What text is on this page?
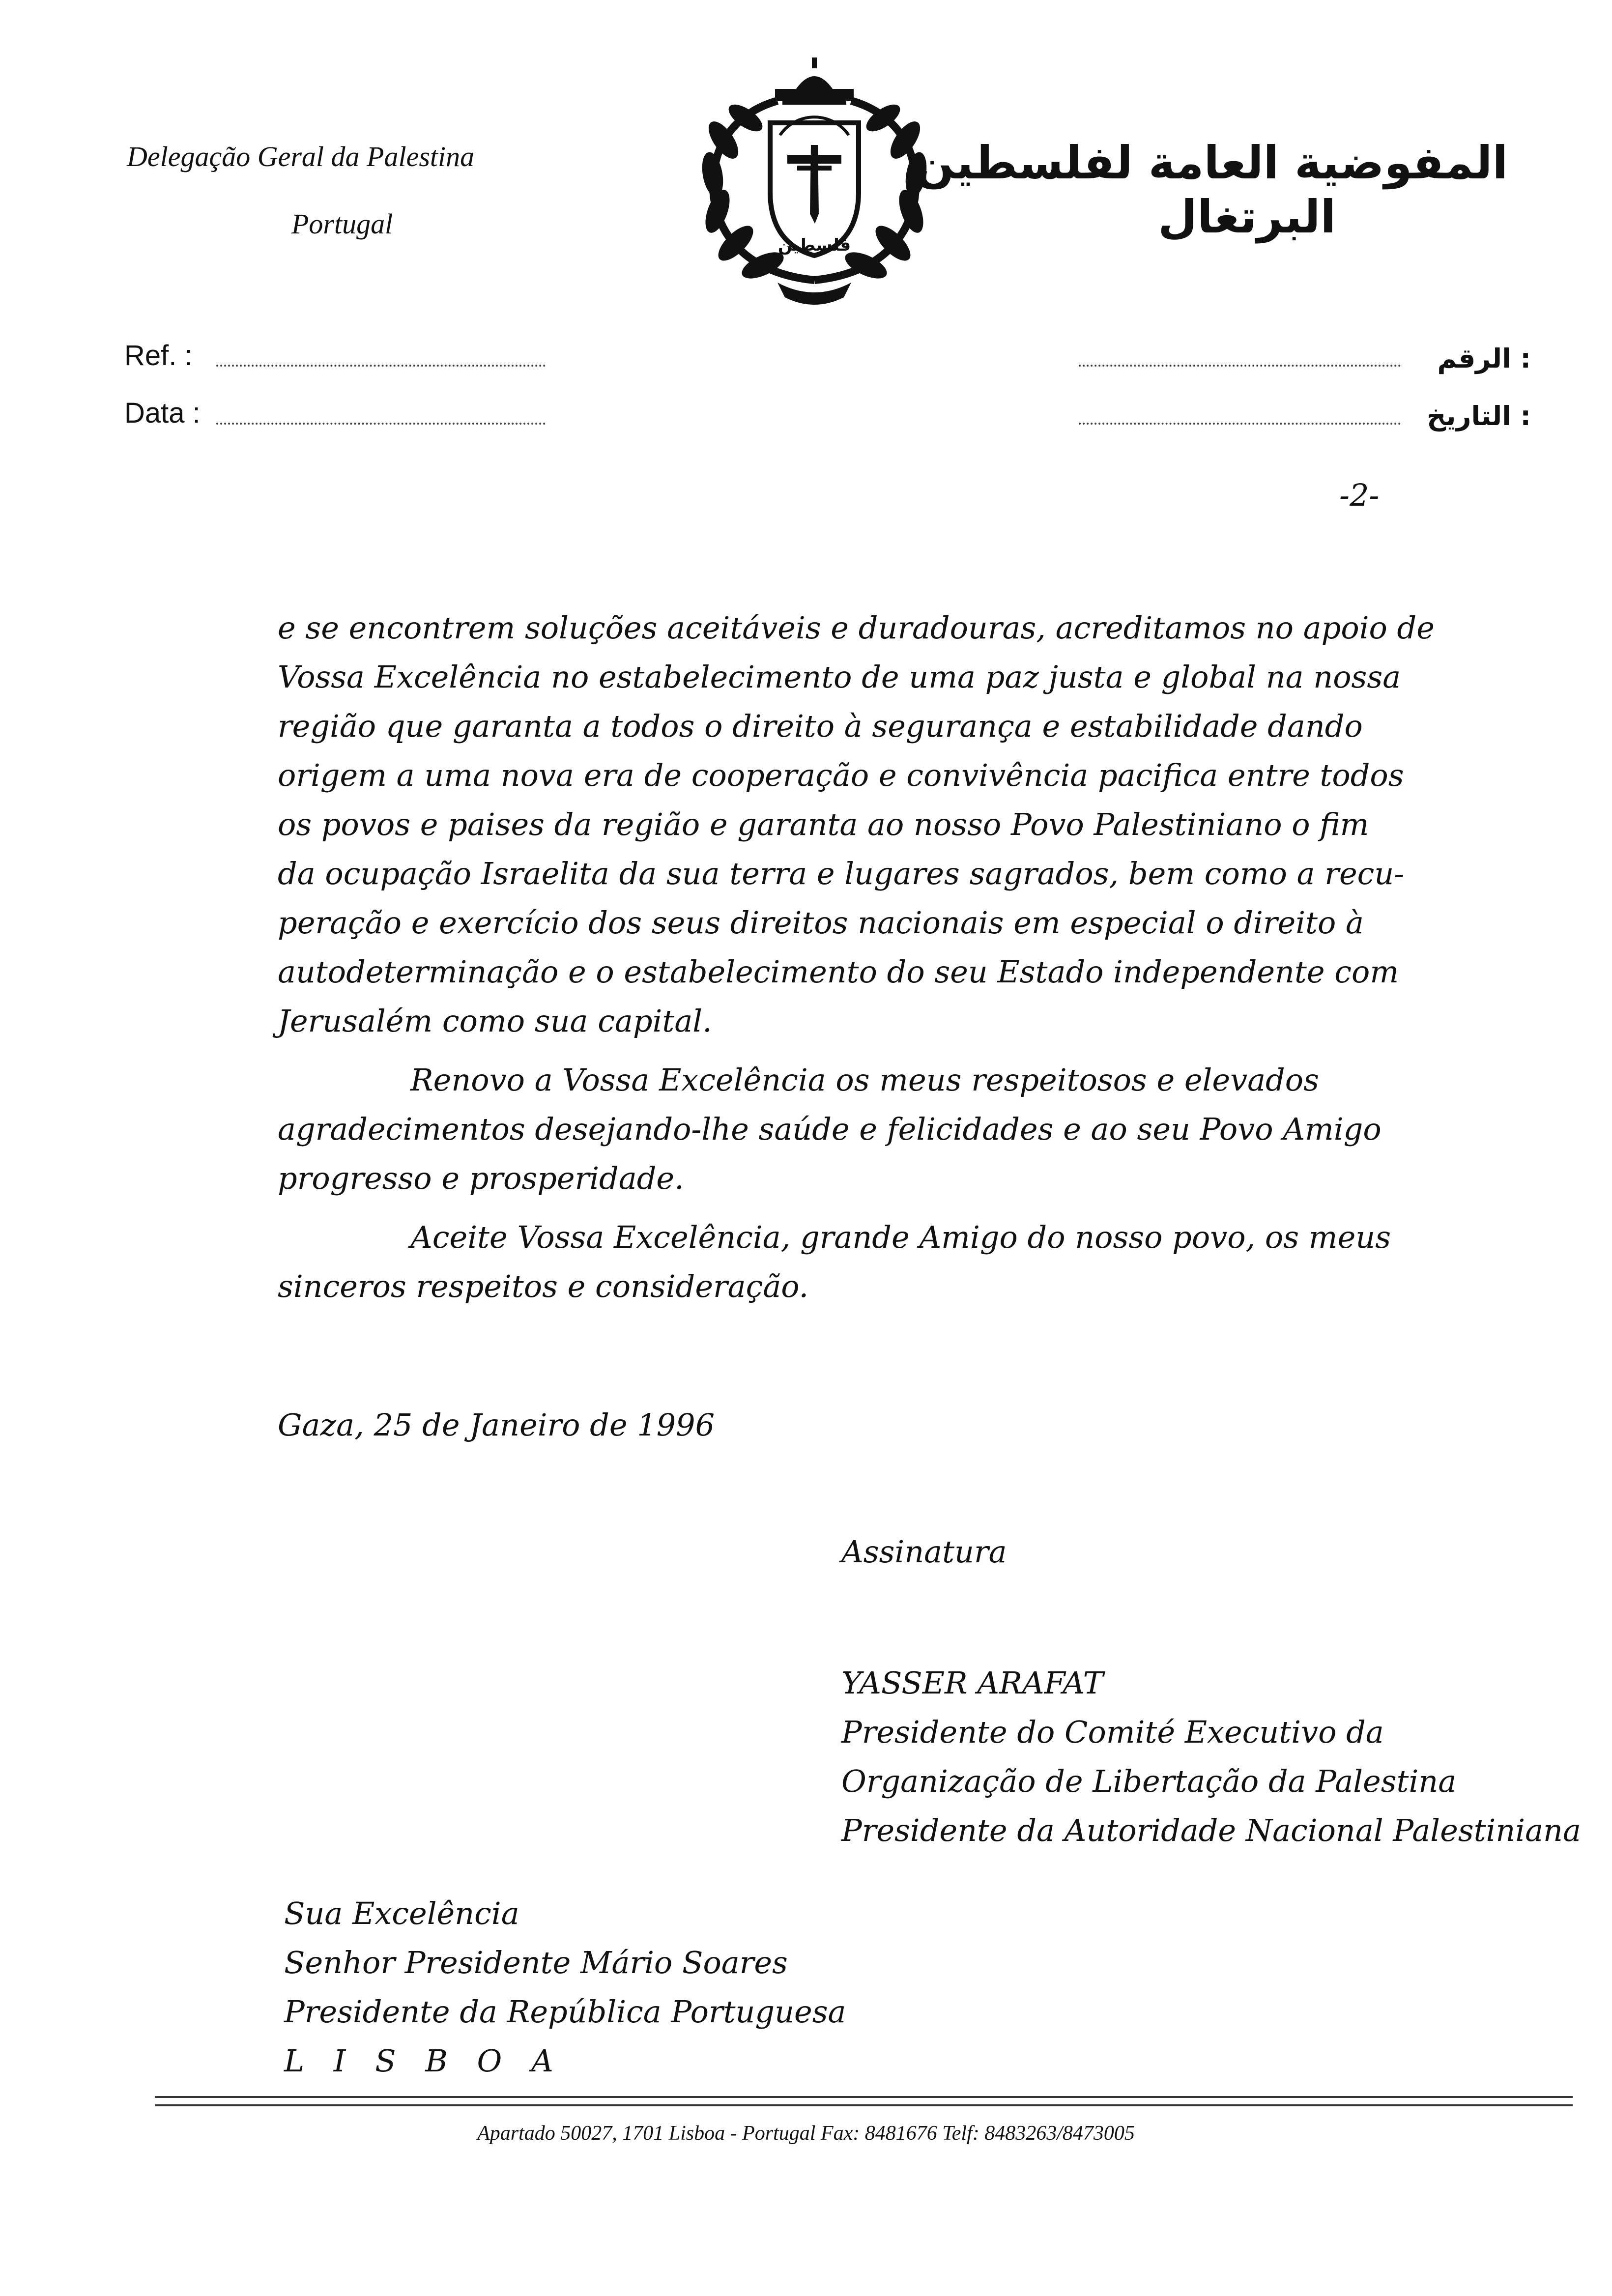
Delegação Geral da Palestina
Portugal
فلسطين
المفوضية العامة لفلسطين
البرتغال
Ref. :
Data :
: الرقم
: التاريخ
-2-

e se encontrem soluções aceitáveis e duradouras, acreditamos no apoio de

Vossa Excelência no estabelecimento de uma paz justa e global na nossa

região que garanta a todos o direito à segurança e estabilidade dando

origem a uma nova era de cooperação e convivência pacifica entre todos

os povos e paises da região e garanta ao nosso Povo Palestiniano o fim

da ocupação Israelita da sua terra e lugares sagrados, bem como a recu-

peração e exercício dos seus direitos nacionais em especial o direito à

autodeterminação e o estabelecimento do seu Estado independente com

Jerusalém como sua capital.

Renovo a Vossa Excelência os meus respeitosos e elevados

agradecimentos desejando-lhe saúde e felicidades e ao seu Povo Amigo

progresso e prosperidade.

Aceite Vossa Excelência, grande Amigo do nosso povo, os meus

sinceros respeitos e consideração.

Gaza, 25 de Janeiro de 1996
Assinatura

YASSER ARAFAT

Presidente do Comité Executivo da

Organização de Libertação da Palestina

Presidente da Autoridade Nacional Palestiniana

Sua Excelência

Senhor Presidente Mário Soares

Presidente da República Portuguesa

L I S B O A

Apartado 50027, 1701 Lisboa - Portugal Fax: 8481676 Telf: 8483263/8473005
